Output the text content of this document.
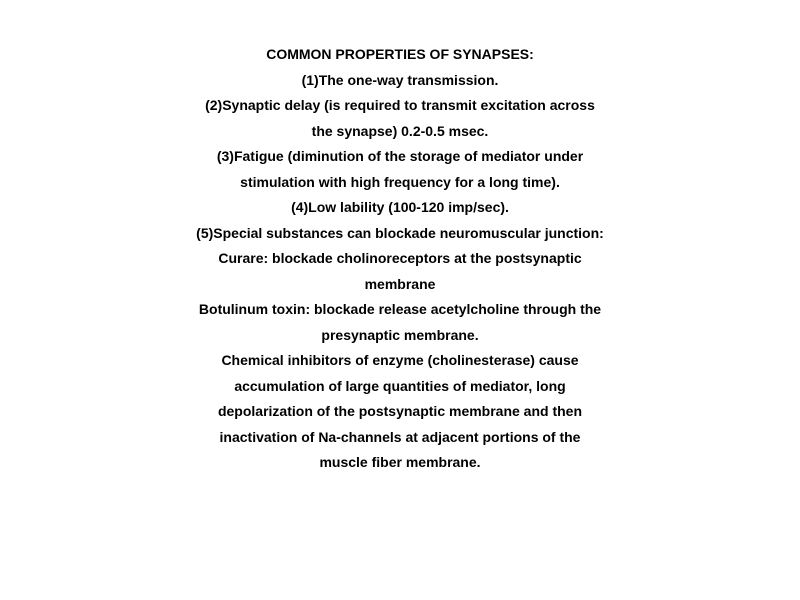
COMMON PROPERTIES OF SYNAPSES:
(1)The one-way transmission.
(2)Synaptic delay (is required to transmit excitation across
the synapse) 0.2-0.5 msec.
(3)Fatigue (diminution of the storage of mediator under
stimulation with high frequency for a long time).
(4)Low lability (100-120 imp/sec).
(5)Special substances can blockade neuromuscular junction:
Curare: blockade cholinoreceptors at the postsynaptic
membrane
Botulinum toxin: blockade release acetylcholine through the
presynaptic membrane.
Chemical inhibitors of enzyme (cholinesterase) cause
accumulation of large quantities of mediator, long
depolarization of the postsynaptic membrane and then
inactivation of Na-channels at adjacent portions of the
muscle fiber membrane.
